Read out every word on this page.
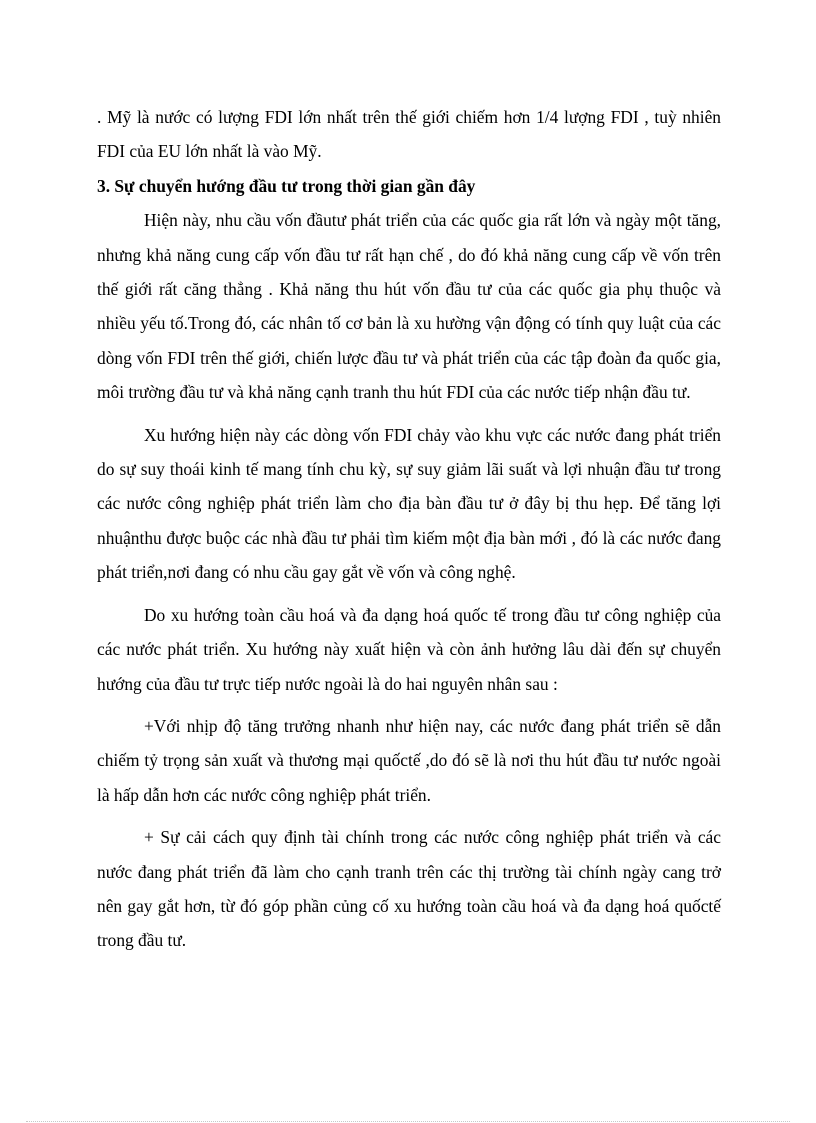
. Mỹ là nước có lượng FDI lớn nhất trên thế giới chiếm hơn 1/4 lượng FDI , tuỳ nhiên FDI của EU lớn nhất là vào Mỹ.

3. Sự chuyển hướng đầu tư trong thời gian gần đây

Hiện này, nhu cầu vốn đầutư phát triển của các quốc gia rất lớn và ngày một tăng, nhưng khả năng cung cấp vốn đầu tư rất hạn chế , do đó khả năng cung cấp về vốn trên thế giới rất căng thẳng . Khả năng thu hút vốn đầu tư của các quốc gia phụ thuộc và nhiều yếu tố.Trong đó, các nhân tố cơ bản là xu hường vận động có tính quy luật của các dòng vốn FDI trên thế giới, chiến lược đầu tư và phát triển của các tập đoàn đa quốc gia, môi trường đầu tư và khả năng cạnh tranh thu hút FDI của các nước tiếp nhận đầu tư.

Xu hướng hiện này các dòng vốn FDI chảy vào khu vực các nước đang phát triển do sự suy thoái kinh tế mang tính chu kỳ, sự suy giảm lãi suất và lợi nhuận đầu tư trong các nước công nghiệp phát triển làm cho địa bàn đầu tư ở đây bị thu hẹp. Để tăng lợi nhuậnthu được buộc các nhà đầu tư phải tìm kiếm một địa bàn mới , đó là các nước đang phát triển,nơi đang có nhu cầu gay gắt về vốn và công nghệ.

Do xu hướng toàn cầu hoá và đa dạng hoá quốc tế trong đầu tư công nghiệp của các nước phát triển. Xu hướng này xuất hiện và còn ảnh hưởng lâu dài đến sự chuyển hướng của đầu tư trực tiếp nước ngoài là do hai nguyên nhân sau :

+Với nhịp độ tăng trưởng nhanh như hiện nay, các nước đang phát triển sẽ dẫn chiếm tỷ trọng sản xuất và thương mại quốctế ,do đó sẽ là nơi thu hút đầu tư nước ngoài là hấp dẫn hơn các nước công nghiệp phát triển.

+ Sự cải cách quy định tài chính trong các nước công nghiệp phát triển và các nước đang phát triển đã làm cho cạnh tranh trên các thị trường tài chính ngày cang trở nên gay gắt hơn, từ đó góp phần củng cố xu hướng toàn cầu hoá và đa dạng hoá quốctế trong đầu tư.
